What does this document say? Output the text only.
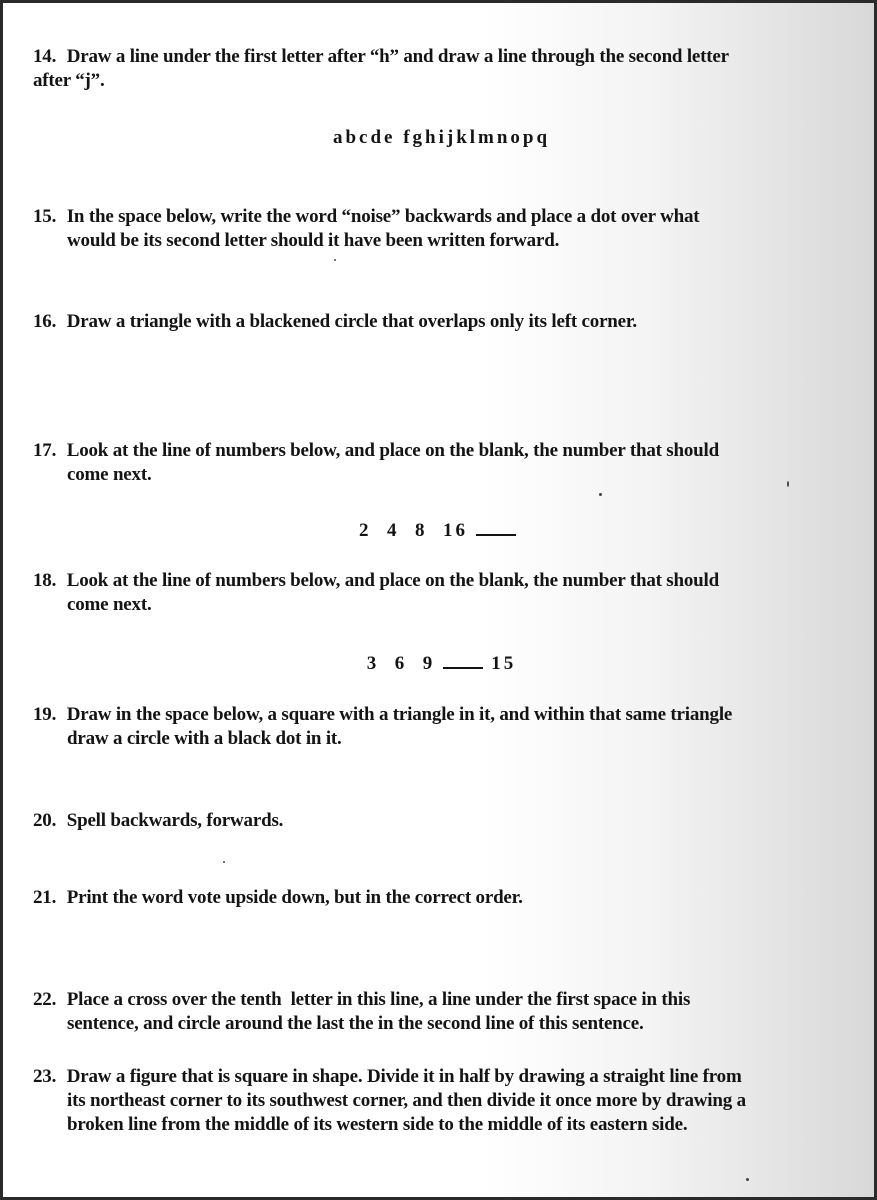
14. Draw a line under the first letter after “h” and draw a line through the second letter
after “j”.
abcde fghijklmnopq
15. In the space below, write the word “noise” backwards and place a dot over what
would be its second letter should it have been written forward.
16. Draw a triangle with a blackened circle that overlaps only its left corner.
17. Look at the line of numbers below, and place on the blank, the number that should
come next.
2  4  8  16
18. Look at the line of numbers below, and place on the blank, the number that should
come next.
3  6  9	15
19. Draw in the space below, a square with a triangle in it, and within that same triangle
draw a circle with a black dot in it.
20. Spell backwards, forwards.
21. Print the word vote upside down, but in the correct order.
22. Place a cross over the tenth  letter in this line, a line under the first space in this
sentence, and circle around the last the in the second line of this sentence.
23. Draw a figure that is square in shape. Divide it in half by drawing a straight line from
its northeast corner to its southwest corner, and then divide it once more by drawing a
broken line from the middle of its western side to the middle of its eastern side.
